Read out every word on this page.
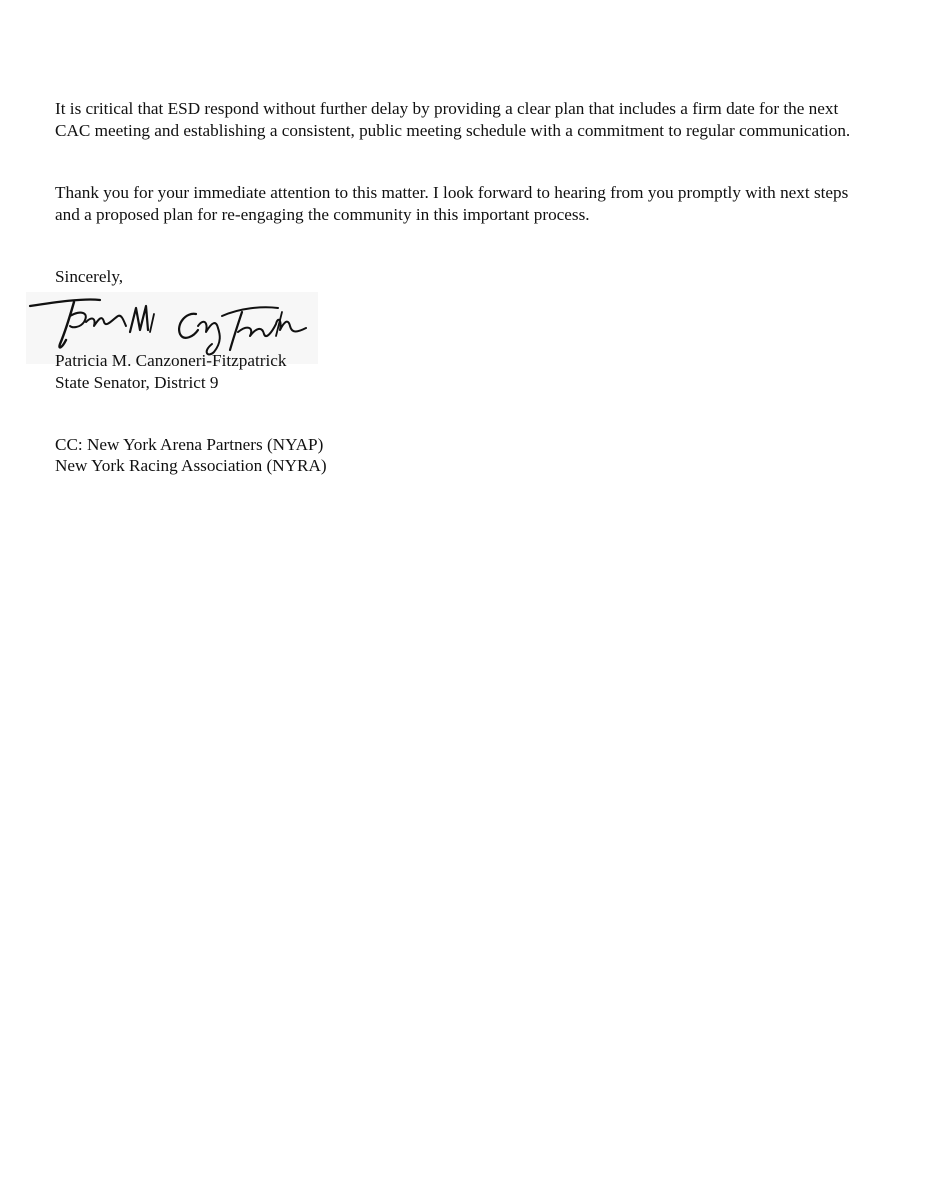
It is critical that ESD respond without further delay by providing a clear plan that includes a firm date for the next CAC meeting and establishing a consistent, public meeting schedule with a commitment to regular communication.

Thank you for your immediate attention to this matter. I look forward to hearing from you promptly with next steps and a proposed plan for re-engaging the community in this important process.

Sincerely,
Patricia M. Canzoneri-Fitzpatrick
State Senator, District 9
CC: New York Arena Partners (NYAP)
New York Racing Association (NYRA)
